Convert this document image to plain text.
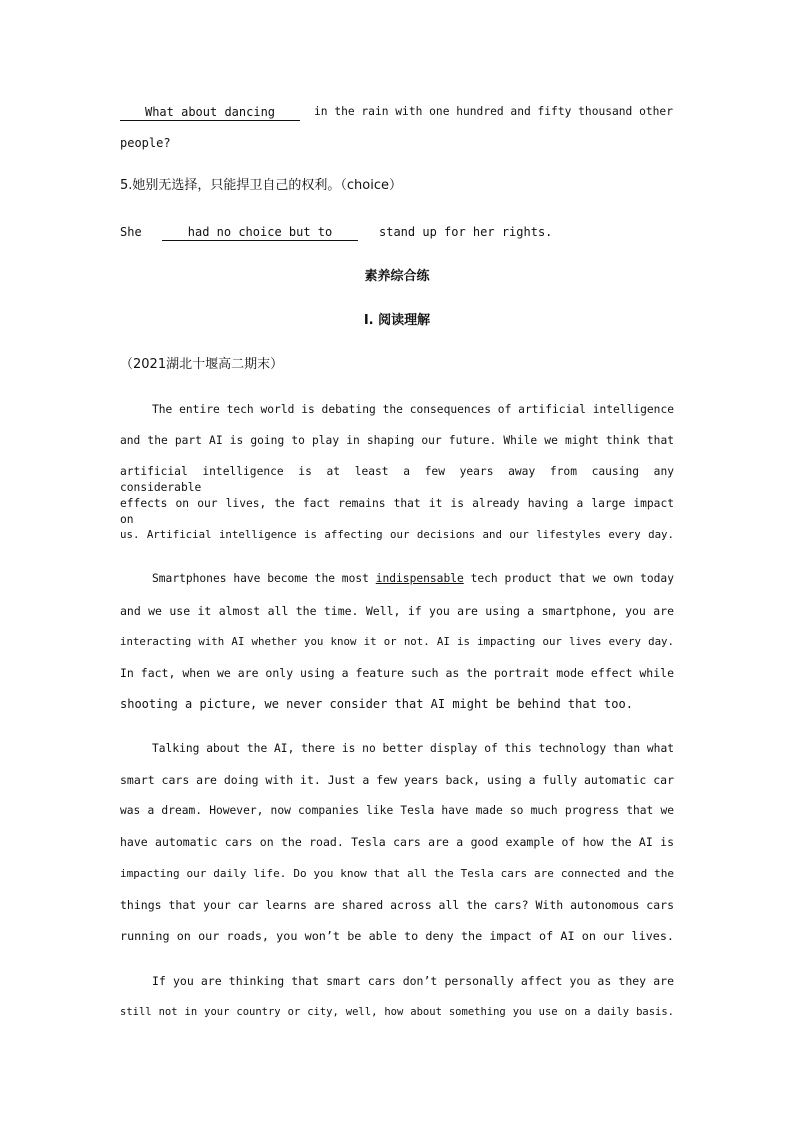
What about dancing	in the rain with one hundred and fifty thousand other
people?
5.她别无选择，只能捍卫自己的权利。（choice）
She	had no choice but to	stand up for her rights.
素养综合练
Ⅰ. 阅读理解
（2021湖北十堰高二期末）
The entire tech world is debating the consequences of artificial intelligence
and the part AI is going to play in shaping our future. While we might think that
artificial intelligence is at least a few years away from causing any considerable
effects on our lives, the fact remains that it is already having a large impact on
us. Artificial intelligence is affecting our decisions and our lifestyles every day.
Smartphones have become the most indispensable tech product that we own today
and we use it almost all the time. Well, if you are using a smartphone, you are
interacting with AI whether you know it or not. AI is impacting our lives every day.
In fact, when we are only using a feature such as the portrait mode effect while
shooting a picture, we never consider that AI might be behind that too.
Talking about the AI, there is no better display of this technology than what
smart cars are doing with it. Just a few years back, using a fully automatic car
was a dream. However, now companies like Tesla have made so much progress that we
have automatic cars on the road. Tesla cars are a good example of how the AI is
impacting our daily life. Do you know that all the Tesla cars are connected and the
things that your car learns are shared across all the cars? With autonomous cars
running on our roads, you won’t be able to deny the impact of AI on our lives.
If you are thinking that smart cars don’t personally affect you as they are
still not in your country or city, well, how about something you use on a daily basis.
